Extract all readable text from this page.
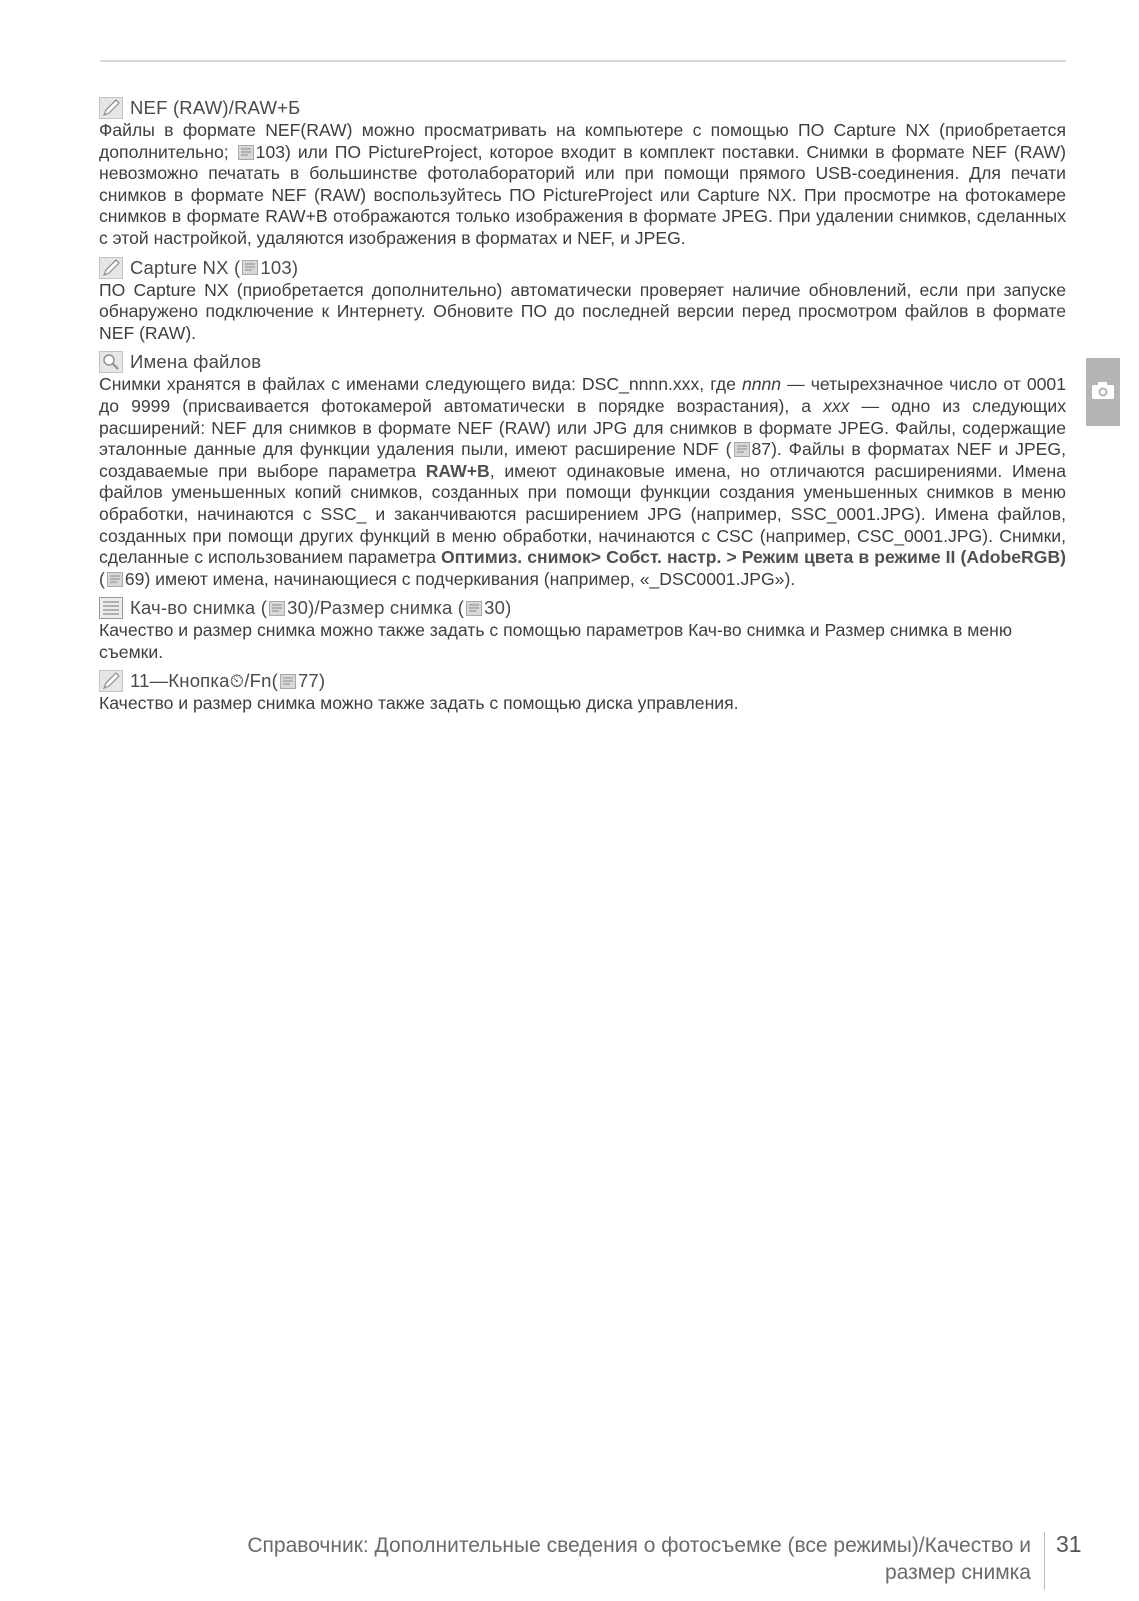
NEF (RAW)/RAW+Б
Файлы в формате NEF(RAW) можно просматривать на компьютере с помощью ПО Capture NX (приобретается дополнительно; 103) или ПО PictureProject, которое входит в комплект поставки. Снимки в формате NEF (RAW) невозможно печатать в большинстве фотолабораторий или при помощи прямого USB-соединения. Для печати снимков в формате NEF (RAW) воспользуйтесь ПО PictureProject или Capture NX. При просмотре на фотокамере снимков в формате RAW+B отображаются только изображения в формате JPEG. При удалении снимков, сделанных с этой настройкой, удаляются изображения в форматах и NEF, и JPEG.
Capture NX ( 103 )
ПО Capture NX (приобретается дополнительно) автоматически проверяет наличие обновлений, если при запуске обнаружено подключение к Интернету. Обновите ПО до последней версии перед просмотром файлов в формате NEF (RAW).
Имена файлов
Снимки хранятся в файлах с именами следующего вида: DSC_nnnn.xxx, где nnnn — четырехзначное число от 0001 до 9999 (присваивается фотокамерой автоматически в порядке возрастания), а xxx — одно из следующих расширений: NEF для снимков в формате NEF (RAW) или JPG для снимков в формате JPEG. Файлы, содержащие эталонные данные для функции удаления пыли, имеют расширение NDF ( 87). Файлы в форматах NEF и JPEG, создаваемые при выборе параметра RAW+B, имеют одинаковые имена, но отличаются расширениями. Имена файлов уменьшенных копий снимков, созданных при помощи функции создания уменьшенных снимков в меню обработки, начинаются с SSC_ и заканчиваются расширением JPG (например, SSC_0001.JPG). Имена файлов, созданных при помощи других функций в меню обработки, начинаются с CSC (например, CSC_0001.JPG). Снимки, сделанные с использованием параметра Оптимиз. снимок> Собст. настр. > Режим цвета в режиме II (AdobeRGB) ( 69) имеют имена, начинающиеся с подчеркивания (например, «_DSC0001.JPG»).
Кач-во снимка ( 30 )/Размер снимка ( 30 )
Качество и размер снимка можно также задать с помощью параметров Кач-во снимка и Размер снимка в меню съемки.
11—Кнопка ⏲/Fn ( 77 )
Качество и размер снимка можно также задать с помощью диска управления.
Справочник: Дополнительные сведения о фотосъемке (все режимы)/Качество и
размер снимка
31
